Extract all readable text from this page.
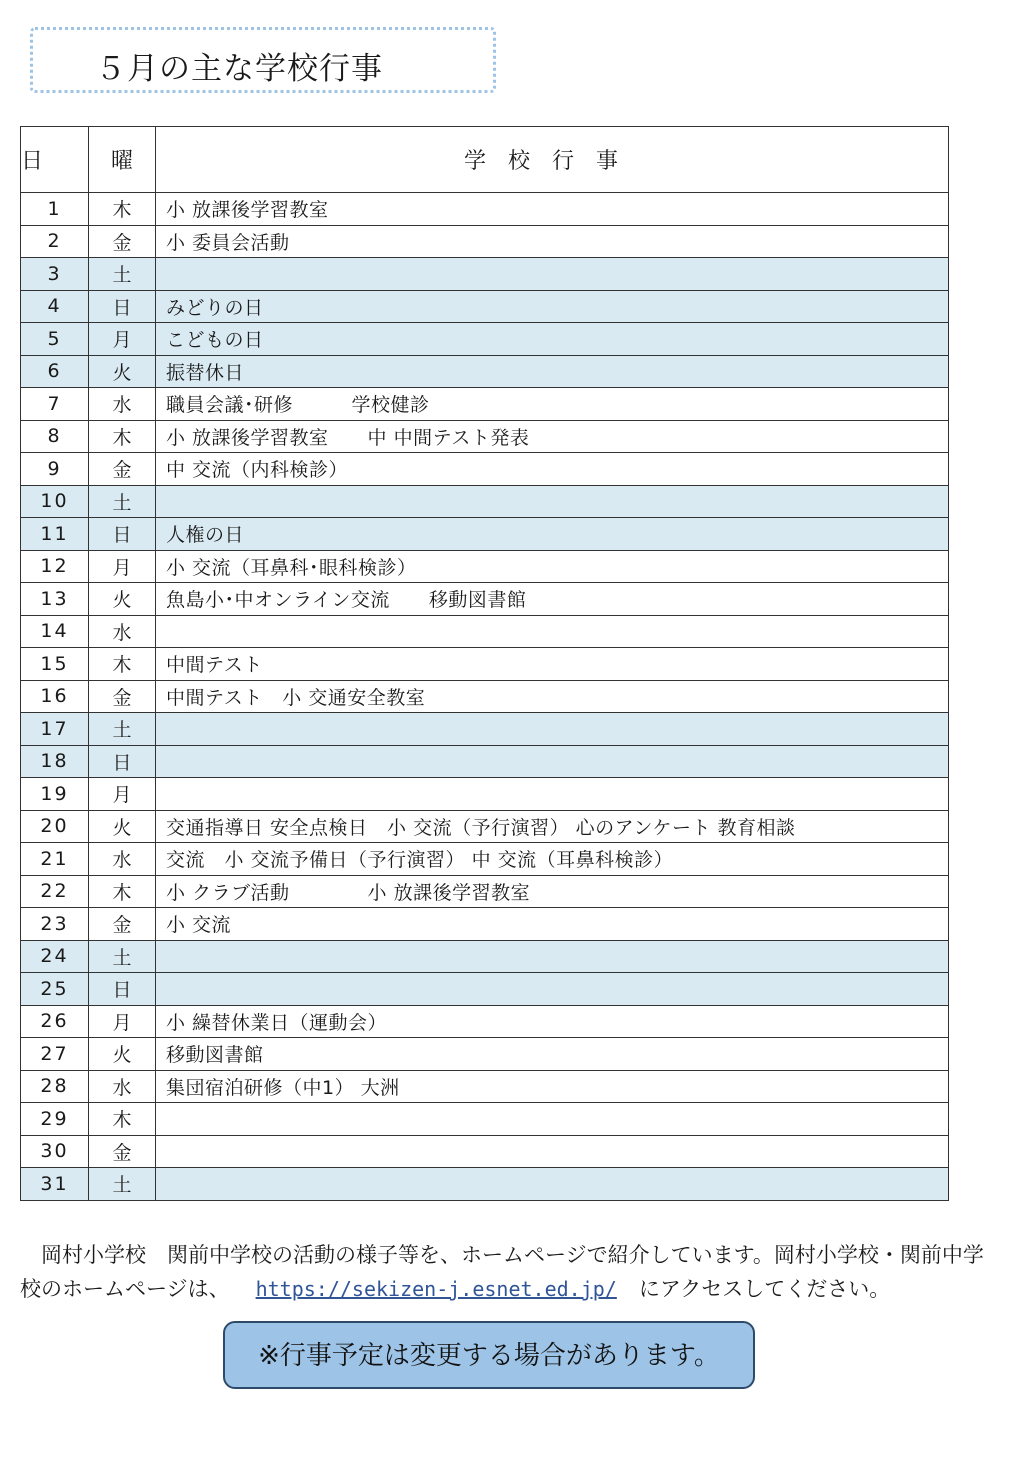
５月の主な学校行事
日	曜	学校行事
1	木	小 放課後学習教室
2	金	小 委員会活動
3	土	
4	日	みどりの日
5	月	こどもの日
6	火	振替休日
7	水	職員会議･研修　　　学校健診
8	木	小 放課後学習教室　　中 中間テスト発表
9	金	中 交流（内科検診）
10	土	
11	日	人権の日
12	月	小 交流（耳鼻科･眼科検診）
13	火	魚島小･中オンライン交流　　移動図書館
14	水	
15	木	中間テスト
16	金	中間テスト　小 交通安全教室
17	土	
18	日	
19	月	
20	火	交通指導日 安全点検日　小 交流（予行演習） 心のアンケート 教育相談
21	水	交流　小 交流予備日（予行演習） 中 交流（耳鼻科検診）
22	木	小 クラブ活動　　　　小 放課後学習教室
23	金	小 交流
24	土	
25	日	
26	月	小 繰替休業日（運動会）
27	火	移動図書館
28	水	集団宿泊研修（中1） 大洲
29	木	
30	金	
31	土	
岡村小学校　関前中学校の活動の様子等を、ホームページで紹介しています。岡村小学校・関前中学校のホームページは、 https://sekizen-j.esnet.ed.jp/ にアクセスしてください。
※行事予定は変更する場合があります。
